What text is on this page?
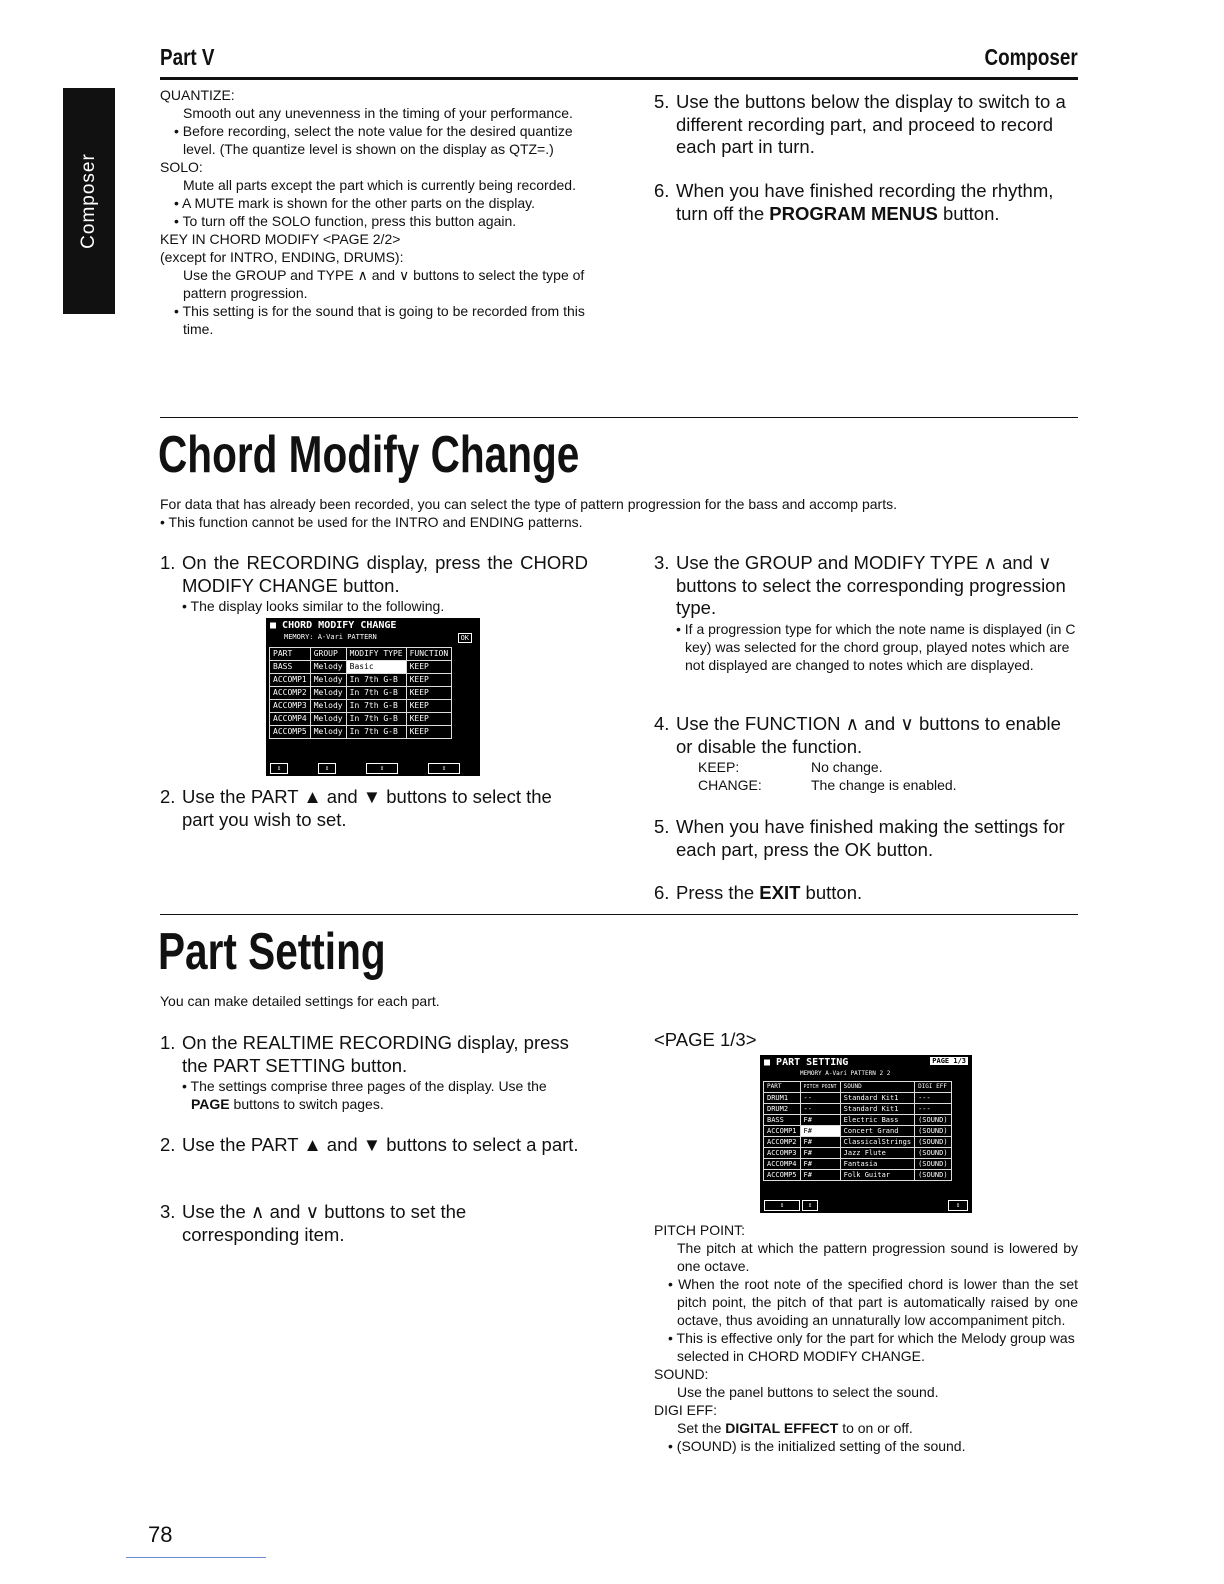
Composer
Part V	Composer

QUANTIZE:

Smooth out any unevenness in the timing of your performance.

• Before recording, select the note value for the desired quantize level. (The quantize level is shown on the display as QTZ=.)

SOLO:

Mute all parts except the part which is currently being recorded.

• A MUTE mark is shown for the other parts on the display.

• To turn off the SOLO function, press this button again.

KEY IN CHORD MODIFY <PAGE 2/2>

(except for INTRO, ENDING, DRUMS):

Use the GROUP and TYPE ∧ and ∨ buttons to select the type of pattern progression.

• This setting is for the sound that is going to be recorded from this time.

5. Use the buttons below the display to switch to a different recording part, and proceed to record each part in turn.
6. When you have finished recording the rhythm, turn off the PROGRAM MENUS button.
Chord Modify Change

For data that has already been recorded, you can select the type of pattern progression for the bass and accomp parts.

• This function cannot be used for the INTRO and ENDING patterns.

1. On the RECORDING display, press the CHORD MODIFY CHANGE button.
• The display looks similar to the following.
■ CHORD MODIFY CHANGE
MEMORY: A-Vari PATTERN	OK
PART	GROUP	MODIFY TYPE	FUNCTION
BASS	Melody	Basic	KEEP
ACCOMP1	Melody	In 7th G-B	KEEP
ACCOMP2	Melody	In 7th G-B	KEEP
ACCOMP3	Melody	In 7th G-B	KEEP
ACCOMP4	Melody	In 7th G-B	KEEP
ACCOMP5	Melody	In 7th G-B	KEEP
⇕	⇕	⇕	⇕
2. Use the PART ▲ and ▼ buttons to select the part you wish to set.
3. Use the GROUP and MODIFY TYPE ∧ and ∨ buttons to select the corresponding progression type.
• If a progression type for which the note name is displayed (in C key) was selected for the chord group, played notes which are not displayed are changed to notes which are displayed.
4. Use the FUNCTION ∧ and ∨ buttons to enable or disable the function.
KEEP:	No change.
CHANGE:	The change is enabled.
5. When you have finished making the settings for each part, press the OK button.
6. Press the EXIT button.
Part Setting
You can make detailed settings for each part.
1. On the REALTIME RECORDING display, press the PART SETTING button.
• The settings comprise three pages of the display. Use the PAGE buttons to switch pages.
2. Use the PART ▲ and ▼ buttons to select a part.
3. Use the ∧ and ∨ buttons to set the corresponding item.
<PAGE 1/3>
■ PART SETTING	PAGE 1/3
MEMORY A-Vari PATTERN 2 2
PART	PITCH POINT	SOUND	DIGI EFF
DRUM1	--	Standard Kit1	---
DRUM2	--	Standard Kit1	---
BASS	F#	Electric Bass	(SOUND)
ACCOMP1	F#	Concert Grand	(SOUND)
ACCOMP2	F#	ClassicalStrings	(SOUND)
ACCOMP3	F#	Jazz Flute	(SOUND)
ACCOMP4	F#	Fantasia	(SOUND)
ACCOMP5	F#	Folk Guitar	(SOUND)
⇕	⇕	⇕

PITCH POINT:

The pitch at which the pattern progression sound is lowered by one octave.

• When the root note of the specified chord is lower than the set pitch point, the pitch of that part is automatically raised by one octave, thus avoiding an unnaturally low accompaniment pitch.

• This is effective only for the part for which the Melody group was selected in CHORD MODIFY CHANGE.

SOUND:

Use the panel buttons to select the sound.

DIGI EFF:

Set the DIGITAL EFFECT to on or off.

• (SOUND) is the initialized setting of the sound.

78
